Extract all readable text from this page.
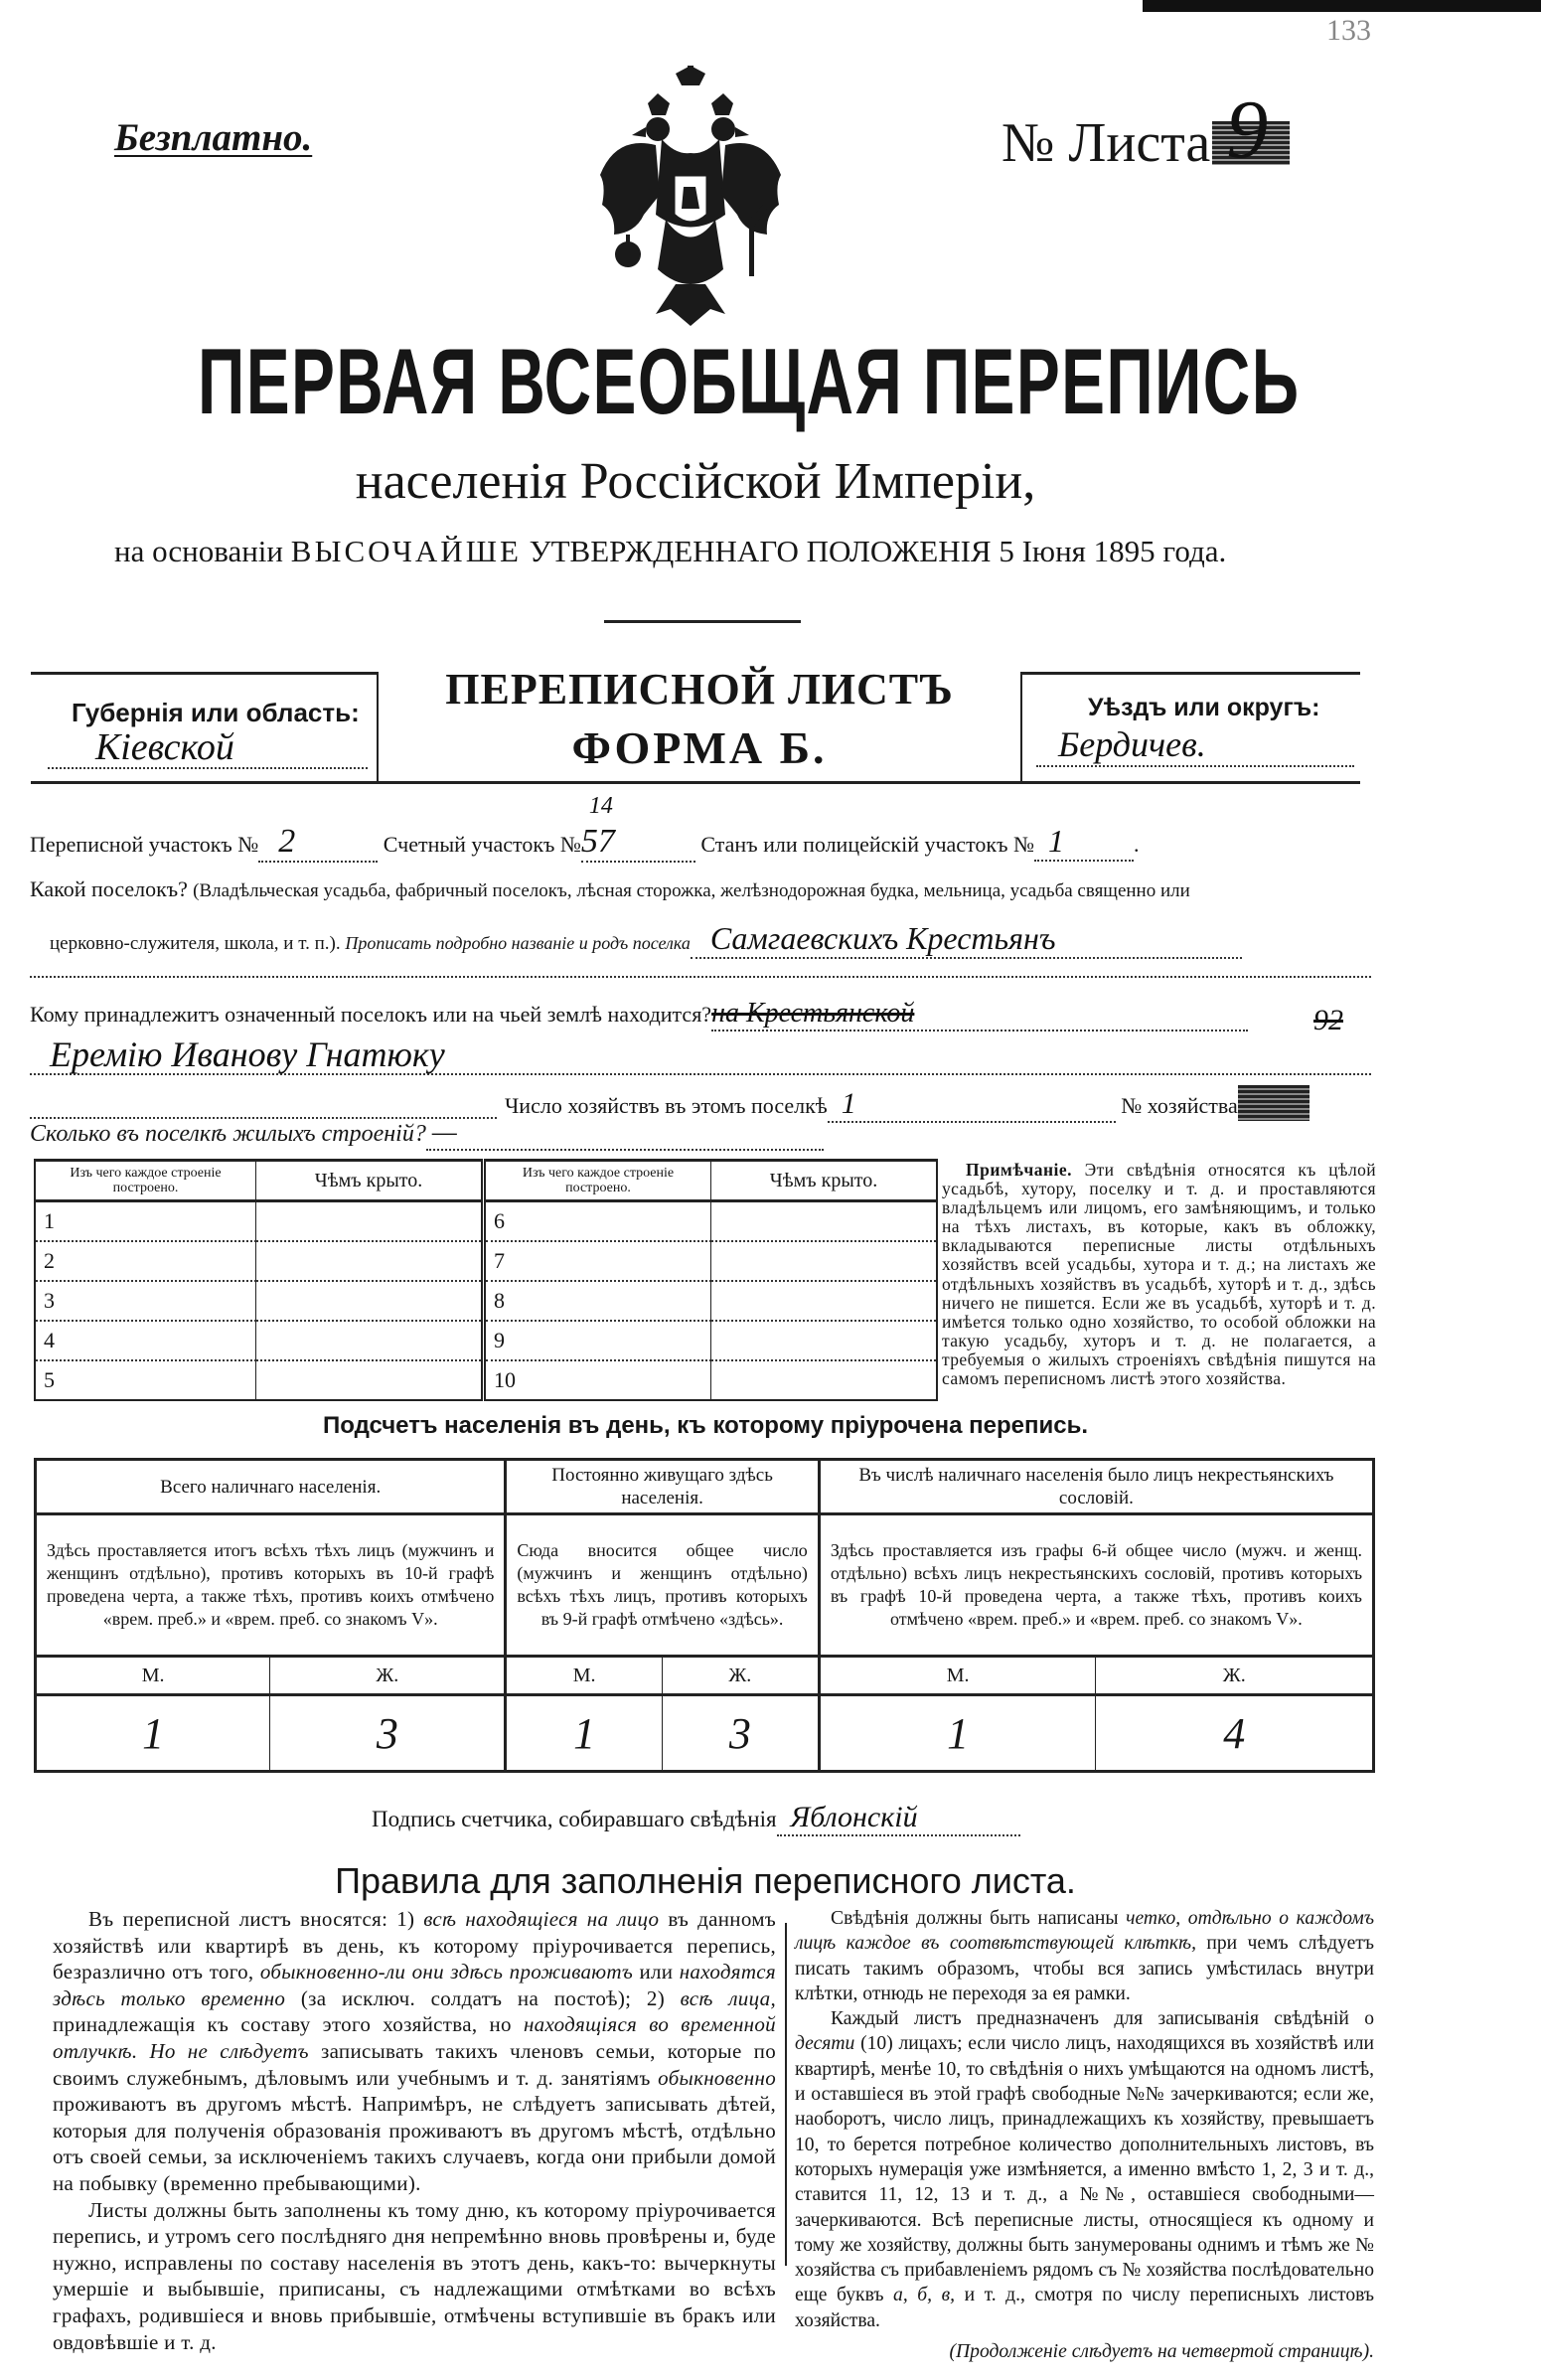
133
Безплатно.	№ Листа 9
ПЕРВАЯ ВСЕОБЩАЯ ПЕРЕПИСЬ
населенія Россійской Имперіи,
на основаніи ВЫСОЧАЙШЕ УТВЕРЖДЕННАГО ПОЛОЖЕНІЯ 5 Іюня 1895 года.
Губернія или область:
Кіевской
ПЕРЕПИСНОЙ ЛИСТЪ
ФОРМА Б.
Уѣздъ или округъ:
Бердичев.
Переписной участокъ № 2	Счетный участокъ №57
14
Станъ или полицейскій участокъ № 1	.
Какой поселокъ? (Владѣльческая усадьба, фабричный поселокъ, лѣсная сторожка, желѣзнодорожная будка, мельница, усадьба священно или
церковно-служителя, школа, и т. п.). Прописать подробно названіе и родъ поселка Самгаевскихъ Крестьянъ
Кому принадлежитъ означенный поселокъ или на чьей землѣ находится?на Крестьянской	92
Еремію Иванову Гнатюку
Число хозяйствъ въ этомъ поселкѣ 1	№ хозяйства
Сколько въ поселкѣ жилыхъ строеній? —
Изъ чего каждое строеніе построено.	Чѣмъ крыто.	Изъ чего каждое строеніе построено.	Чѣмъ крыто.
1		6	
2		7	
3		8	
4		9	
5		10	
Примѣчаніе. Эти свѣдѣнія относятся къ цѣлой усадьбѣ, хутору, поселку и т. д. и проставляются владѣльцемъ или лицомъ, его замѣняющимъ, и только на тѣхъ листахъ, въ которые, какъ въ обложку, вкладываются переписные листы отдѣльныхъ хозяйствъ всей усадьбы, хутора и т. д.; на листахъ же отдѣльныхъ хозяйствъ въ усадьбѣ, хуторѣ и т. д., здѣсь ничего не пишется. Если же въ усадьбѣ, хуторѣ и т. д. имѣется только одно хозяйство, то особой обложки на такую усадьбу, хуторъ и т. д. не полагается, а требуемыя о жилыхъ строеніяхъ свѣдѣнія пишутся на самомъ переписномъ листѣ этого хозяйства.
Подсчетъ населенія въ день, къ которому пріурочена перепись.
Всего наличнаго населенія.		Постоянно живущаго здѣсь населенія.		Въ числѣ наличнаго населенія было лицъ некрестьянскихъ сословій.	
Здѣсь проставляется итогъ всѣхъ тѣхъ лицъ (мужчинъ и женщинъ отдѣльно), противъ которыхъ въ 10-й графѣ проведена черта, а также тѣхъ, противъ коихъ отмѣчено «врем. преб.» и «врем. преб. со знакомъ V».		Сюда вносится общее число (мужчинъ и женщинъ отдѣльно) всѣхъ тѣхъ лицъ, противъ которыхъ въ 9-й графѣ отмѣчено «здѣсь».		Здѣсь проставляется изъ графы 6-й общее число (мужч. и женщ. отдѣльно) всѣхъ лицъ некрестьянскихъ сословій, противъ которыхъ въ графѣ 10-й проведена черта, а также тѣхъ, противъ коихъ отмѣчено «врем. преб.» и «врем. преб. со знакомъ V».	
М.	Ж.	М.	Ж.	М.	Ж.
1	3	1	3	1	4
Подпись счетчика, собиравшаго свѣдѣнія Яблонскій
Правила для заполненія переписного листа.

Въ переписной листъ вносятся: 1) всѣ находящіеся на лицо въ данномъ хозяйствѣ или квартирѣ въ день, къ которому пріурочивается перепись, безразлично отъ того, обыкновенно-ли они здѣсь проживаютъ или находятся здѣсь только временно (за исключ. солдатъ на постоѣ); 2) всѣ лица, принадлежащія къ составу этого хозяйства, но находящіяся во временной отлучкѣ. Но не слѣдуетъ записывать такихъ членовъ семьи, которые по своимъ служебнымъ, дѣловымъ или учебнымъ и т. д. занятіямъ обыкновенно проживаютъ въ другомъ мѣстѣ. Напримѣръ, не слѣдуетъ записывать дѣтей, которыя для полученія образованія проживаютъ въ другомъ мѣстѣ, отдѣльно отъ своей семьи, за исключеніемъ такихъ случаевъ, когда они прибыли домой на побывку (временно пребывающими).

Листы должны быть заполнены къ тому дню, къ которому пріурочивается перепись, и утромъ сего послѣдняго дня непремѣнно вновь провѣрены и, буде нужно, исправлены по составу населенія въ этотъ день, какъ-то: вычеркнуты умершіе и выбывшіе, приписаны, съ надлежащими отмѣтками во всѣхъ графахъ, родившіеся и вновь прибывшіе, отмѣчены вступившіе въ бракъ или овдовѣвшіе и т. д.

Свѣдѣнія должны быть написаны четко, отдѣльно о каждомъ лицѣ каждое въ соотвѣтствующей клѣткѣ, при чемъ слѣдуетъ писать такимъ образомъ, чтобы вся запись умѣстилась внутри клѣтки, отнюдь не переходя за ея рамки.

Каждый листъ предназначенъ для записыванія свѣдѣній о десяти (10) лицахъ; если число лицъ, находящихся въ хозяйствѣ или квартирѣ, менѣе 10, то свѣдѣнія о нихъ умѣщаются на одномъ листѣ, и оставшіеся въ этой графѣ свободные №№ зачеркиваются; если же, наоборотъ, число лицъ, принадлежащихъ къ хозяйству, превышаетъ 10, то берется потребное количество дополнительныхъ листовъ, въ которыхъ нумерація уже измѣняется, а именно вмѣсто 1, 2, 3 и т. д., ставится 11, 12, 13 и т. д., а №№, оставшіеся свободными—зачеркиваются. Всѣ переписные листы, относящіеся къ одному и тому же хозяйству, должны быть занумерованы однимъ и тѣмъ же № хозяйства съ прибавленіемъ рядомъ съ № хозяйства послѣдовательно еще буквъ а, б, в, и т. д., смотря по числу переписныхъ листовъ хозяйства.

(Продолженіе слѣдуетъ на четвертой страницѣ).
